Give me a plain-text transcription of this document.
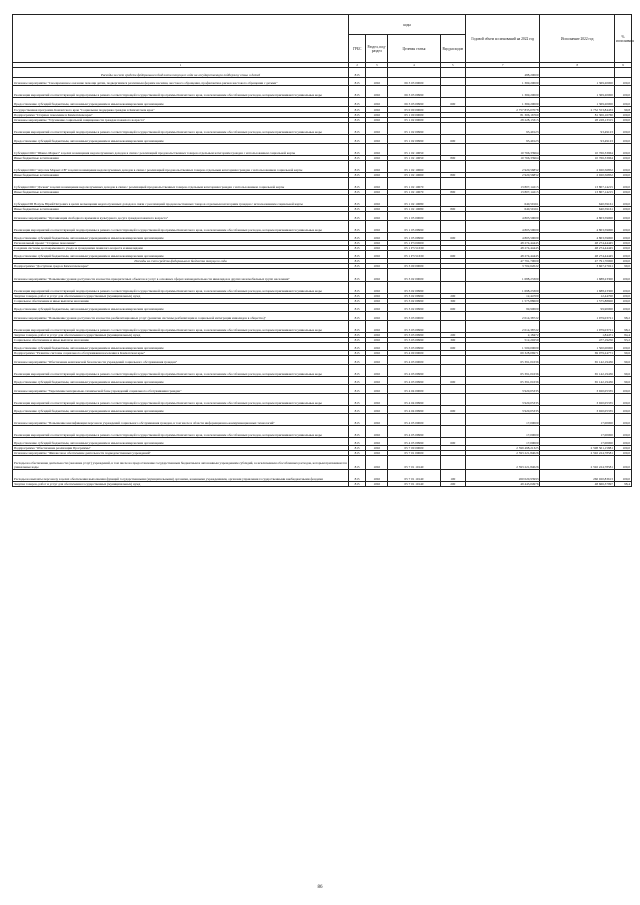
	коды				Годовой объем ассигнований на 2022 год	Исполнение 2022 год	% исполнения
	ГРБС	Раздел, под-раздел	Целевая статья	Вид расходов			
1	2	3	4	5	7	8	9
Расходы за счет средств федерального бюджета текущего года на государственную поддержку семьи и детей	815				488,20000		
Основное мероприятие "Своевременное оказание помощи детям, подвергшимся различным формам насилия, жестокого обращения, профилактика рисков жестокого обращения с детьми"	815	1002	06 3 03 00000		1 369,20000	1 369,20000	100,0
Реализация мероприятий соответствующей подпрограммы в рамках соответствующей государственной программы Камчатского края, за исключением обособленных расходов, которым присваиваются уникальные коды	815	1002	06 3 03 09990		1 369,20000	1 369,20000	100,0
Предоставление субсидий бюджетным, автономным учреждениям и иным некоммерческим организациям	815	1002	06 3 03 09990	600	1 369,20000	1 369,20000	100,0
Государственная программа Камчатского края "Социальная поддержка граждан в Камчатском крае"	815	1002	05 0 00 00000		2 757 835,07078	2 752 553,84433	99,8
Подпрограмма "Старшее поколение в Камчатском крае"	815	1002	05 1 00 00000		81 306,16760	81 306,16760	100,0
Основное мероприятие "Улучшение социальной защищенности граждан пожилого возраста"	815	1002	05 1 02 00000		28 228,13315	28 228,13315	100,0
Реализация мероприятий соответствующей подпрограммы в рамках соответствующей государственной программы Камчатского края, за исключением обособленных расходов, которым присваиваются уникальные коды	815	1002	05 1 02 09990		93,49123	93,49123	100,0
Предоставление субсидий бюджетным, автономным учреждениям и иным некоммерческим организациям	815	1002	05 1 02 09990	600	93,49123	93,49123	100,0
Субсидия ООО "Шанкс-Маркет" в целях возмещения недополученных доходов в связи с реализацией продовольственных товаров отдельным категориям граждан с использованием социальной карты	815	1002	05 1 02 10650		10 766,33964	10 766,33964	100,0
Иные бюджетные ассигнования	815	1002	05 1 02 10650	800	10 766,33964	10 766,33964	100,0
Субсидия ООО "Агротек Маркет-СВ" в целях возмещения недополученных доходов в связи с реализацией продовольственных товаров отдельным категориям граждан с использованием социальной карты	815	1002	05 1 02 10660		2 920,56852	2 920,56852	100,0
Иные бюджетные ассигнования	815	1002	05 1 02 10660	800	2 920,56852	2 920,56852	100,0
Субсидия ООО "Дэскам" в целях возмещения недополученных доходов в связи с реализацией продовольственных товаров отдельным категориям граждан с использованием социальной карты	815	1002	05 1 02 10670		13 807,14215	13 807,14215	100,0
Иные бюджетные ассигнования	815	1002	05 1 02 10670	800	13 807,14215	13 807,14215	100,0
Субсидия ИП Вочуль Юрий Петрович в целях возмещения недополученных доходов в связи с реализацией продовольственных товаров отдельным категориям граждан с использованием социальной карты	815	1002	05 1 02 10680		640,59161	640,59161	100,0
Иные бюджетные ассигнования	815	1002	05 1 02 10680	800	640,59161	640,59161	100,0
Основное мероприятие "Организация свободного времени и культурного досуга граждан пожилого возраста"	815	1002	05 1 05 00000		4 803,59000	4 803,59000	100,0
Реализация мероприятий соответствующей подпрограммы в рамках соответствующей государственной программы Камчатского края, за исключением обособленных расходов, которым присваиваются уникальные коды	815	1002	05 1 05 09990		4 803,59000	4 803,59000	100,0
Предоставление субсидий бюджетным, автономным учреждениям и иным некоммерческим организациям	815	1002	05 1 05 09990	600	4 803,59000	4 803,59000	100,0
Региональный проект "Старшее поколение"	815	1002	05 1 P3 00000		48 274,44445	48 274,44445	100,0
Создание системы долговременного ухода за гражданами пожилого возраста и инвалидами	815	1002	05 1 P3 51630		48 274,44445	48 274,44445	100,0
Предоставление субсидий бюджетным, автономным учреждениям и иным некоммерческим организациям	815	1002	05 1 P3 51630	600	48 274,44445	48 274,44445	100,0
Расходы за счет средств федерального бюджета текущего года	815				47 791,70000	47 791,70000	100,0
Подпрограмма "Доступная среда в Камчатском крае"	815	1002	05 3 00 00000		3 702,62022	3 667,27021	99,0
Основное мероприятие "Повышение уровня доступности и качества приоритетных объектов и услуг в основных сферах жизнедеятельности инвалидов и других маломобильных групп населения"	815	1002	05 3 02 00000		1 688,23300	1 688,23300	100,0
Реализация мероприятий соответствующей подпрограммы в рамках соответствующей государственной программы Камчатского края, за исключением обособленных расходов, которым присваиваются уникальные коды	815	1002	05 3 02 09990		1 698,23300	1 688,23300	100,0
Закупка товаров, работ и услуг для обеспечения государственных (муниципальных) нужд	815	1002	05 3 02 09990	200	12,44700	12,44700	100,0
Социальное обеспечение и иные выплаты населению	815	1002	05 3 02 09990	300	1 575,88600	1 575,88600	100,0
Предоставление субсидий бюджетным, автономным учреждениям и иным некоммерческим организациям	815	1002	05 3 02 09990	600	99,90000	99,90000	100,0
Основное мероприятие "Повышение уровня доступности и качества реабилитационных услуг (развитие системы реабилитации и социальной интеграции инвалидов в общество)"	815	1002	05 3 03 00000		2 014,38722	1 979,03721	98,2
Реализация мероприятий соответствующей подпрограммы в рамках соответствующей государственной программы Камчатского края, за исключением обособленных расходов, которым присваиваются уникальные коды	815	1002	05 3 03 09990		2 014,38722	1 979,03721	98,2
Закупка товаров, работ и услуг для обеспечения государственных (муниципальных) нужд	815	1002	05 3 03 09990	200	2,18472	1,84471	84,4
Социальное обеспечение и иные выплаты населению	815	1002	05 3 03 09990	300	512,20250	477,19250	93,2
Предоставление субсидий бюджетным, автономным учреждениям и иным некоммерческим организациям	815	1002	05 3 03 09990	600	1 500,00000	1 500,00000	100,0
Подпрограмма "Развитие системы социального обслуживания населения в Камчатском крае"	815	1002	05 4 00 00000		69 328,06971	69 079,24771	99,6
Основное мероприятие "Обеспечение комплексной безопасности учреждений социального обслуживания граждан"	815	1002	05 4 03 00000		65 391,01636	65 142,19436	99,6
Реализация мероприятий соответствующей подпрограммы в рамках соответствующей государственной программы Камчатского края, за исключением обособленных расходов, которым присваиваются уникальные коды	815	1002	05 4 03 09990		65 391,01636	65 142,19436	99,6
Предоставление субсидий бюджетным, автономным учреждениям и иным некоммерческим организациям	815	1002	05 4 03 09990	600	65 391,01636	65 142,19436	99,6
Основное мероприятие "Укрепление материально-технической базы учреждений социального обслуживания граждан"	815	1002	05 4 04 00000		3 920,05335	3 920,05335	100,0
Реализация мероприятий соответствующей подпрограммы в рамках соответствующей государственной программы Камчатского края, за исключением обособленных расходов, которым присваиваются уникальные коды	815	1002	05 4 04 09990		3 920,05335	3 920,05335	100,0
Предоставление субсидий бюджетным, автономным учреждениям и иным некоммерческим организациям	815	1002	05 4 04 09990	600	3 920,05335	3 920,05335	100,0
Основное мероприятие "Повышение квалификации персонала учреждений социального обслуживания граждан, в том числе в области информационно-коммуникационных технологий"	815	1002	05 4 05 00000		17,00000	17,00000	100,0
Реализация мероприятий соответствующей подпрограммы в рамках соответствующей государственной программы Камчатского края, за исключением обособленных расходов, которым присваиваются уникальные коды	815	1002	05 4 05 09990		17,00000	17,00000	100,0
Предоставление субсидий бюджетным, автономным учреждениям и иным некоммерческим организациям	815	1002	05 4 05 09990	600	17,00000	17,00000	100,0
Подпрограмма "Обеспечение реализации Программы"	815	1002	05 7 00 00000		2 599 498,21325	2 598 501,15881	100,0
Основное мероприятие "Финансовое обеспечение деятельности подведомственных учреждений"	815	1002	05 7 01 00000		2 593 221,84026	2 592 224,78581	100,0
Расходы на обеспечение деятельности (оказание услуг) учреждений, в том числе на предоставление государственным бюджетным и автономным учреждениям субсидий, за исключением обособленных расходов, которым присваиваются уникальные коды	815	1002	05 7 01 10140		2 593 221,84026	2 592 224,78581	100,0
Расходы на выплаты персоналу в целях обеспечения выполнения функций государственными (муниципальными) органами, казенными учреждениями, органами управления государственными внебюджетными фондами	815	1002	05 7 01 10140	100	260 020,93993	260 020,83613	100,0
Закупка товаров, работ и услуг для обеспечения государственных (муниципальных) нужд	815	1002	05 7 01 10140	200	49 443,04976	48 666,37997	98,4
86
